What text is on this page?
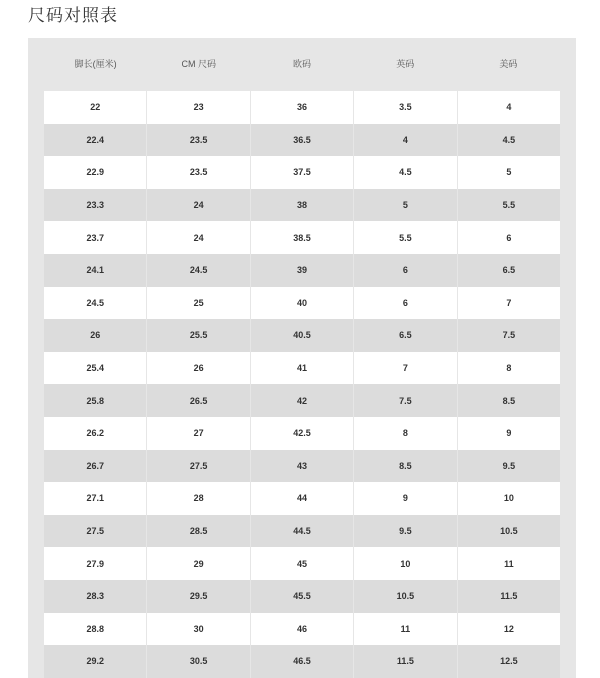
尺码对照表
脚长(厘米)	CM 尺码	欧码	英码	美码
22	23	36	3.5	4
22.4	23.5	36.5	4	4.5
22.9	23.5	37.5	4.5	5
23.3	24	38	5	5.5
23.7	24	38.5	5.5	6
24.1	24.5	39	6	6.5
24.5	25	40	6	7
26	25.5	40.5	6.5	7.5
25.4	26	41	7	8
25.8	26.5	42	7.5	8.5
26.2	27	42.5	8	9
26.7	27.5	43	8.5	9.5
27.1	28	44	9	10
27.5	28.5	44.5	9.5	10.5
27.9	29	45	10	11
28.3	29.5	45.5	10.5	11.5
28.8	30	46	11	12
29.2	30.5	46.5	11.5	12.5
